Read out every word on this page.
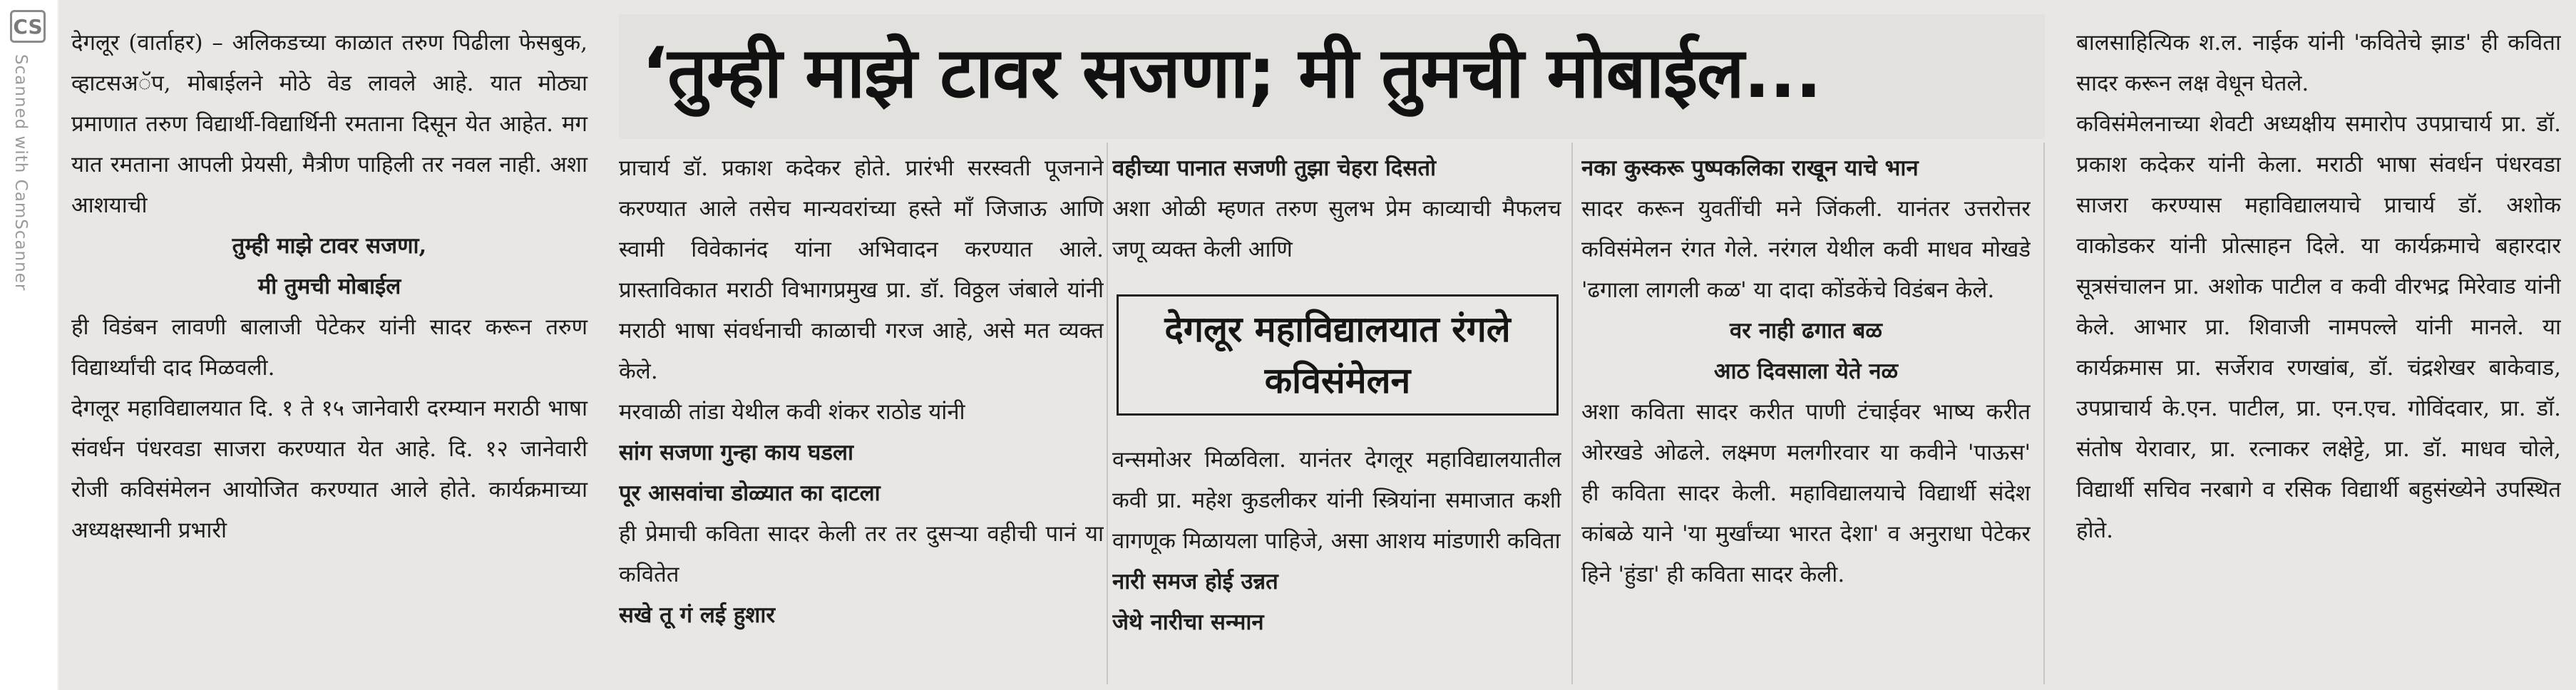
CS
Scanned with CamScanner	‘तुम्ही माझे टावर सजणा; मी तुमची मोबाईल...

देगलूर (वार्ताहर) – अलिकडच्या काळात तरुण पिढीला फेसबुक, व्हाटसअॅप, मोबाईलने मोठे वेड लावले आहे. यात मोठ्या प्रमाणात तरुण विद्यार्थी-विद्यार्थिनी रमताना दिसून येत आहेत. मग यात रमताना आपली प्रेयसी, मैत्रीण पाहिली तर नवल नाही. अशा आशयाची

तुम्ही माझे टावर सजणा,

मी तुमची मोबाईल

ही विडंबन लावणी बालाजी पेटेकर यांनी सादर करून तरुण विद्यार्थ्यांची दाद मिळवली.

देगलूर महाविद्यालयात दि. १ ते १५ जानेवारी दरम्यान मराठी भाषा संवर्धन पंधरवडा साजरा करण्यात येत आहे. दि. १२ जानेवारी रोजी कविसंमेलन आयोजित करण्यात आले होते. कार्यक्रमाच्या अध्यक्षस्थानी प्रभारी

प्राचार्य डॉ. प्रकाश कदेकर होते. प्रारंभी सरस्वती पूजनाने करण्यात आले तसेच मान्यवरांच्या हस्ते माँ जिजाऊ आणि स्वामी विवेकानंद यांना अभिवादन करण्यात आले. प्रास्ताविकात मराठी विभागप्रमुख प्रा. डॉ. विठ्ठल जंबाले यांनी मराठी भाषा संवर्धनाची काळाची गरज आहे, असे मत व्यक्त केले.

मरवाळी तांडा येथील कवी शंकर राठोड यांनी

सांग सजणा गुन्हा काय घडला

पूर आसवांचा डोळ्यात का दाटला

ही प्रेमाची कविता सादर केली तर तर दुसऱ्या वहीची पानं या कवितेत

सखे तू गं लई हुशार

वहीच्या पानात सजणी तुझा चेहरा दिसतो

अशा ओळी म्हणत तरुण सुलभ प्रेम काव्याची मैफलच जणू व्यक्त केली आणि

देगलूर महाविद्यालयात रंगले कविसंमेलन

वन्समोअर मिळविला. यानंतर देगलूर महाविद्यालयातील कवी प्रा. महेश कुडलीकर यांनी स्त्रियांना समाजात कशी वागणूक मिळायला पाहिजे, असा आशय मांडणारी कविता

नारी समज होई उन्नत

जेथे नारीचा सन्मान

नका कुस्करू पुष्पकलिका राखून याचे भान

सादर करून युवतींची मने जिंकली. यानंतर उत्तरोत्तर कविसंमेलन रंगत गेले. नरंगल येथील कवी माधव मोखडे 'ढगाला लागली कळ' या दादा कोंडकेंचे विडंबन केले.

वर नाही ढगात बळ

आठ दिवसाला येते नळ

अशा कविता सादर करीत पाणी टंचाईवर भाष्य करीत ओरखडे ओढले. लक्ष्मण मलगीरवार या कवीने 'पाऊस' ही कविता सादर केली. महाविद्यालयाचे विद्यार्थी संदेश कांबळे याने 'या मुर्खांच्या भारत देशा' व अनुराधा पेटेकर हिने 'हुंडा' ही कविता सादर केली.

बालसाहित्यिक श.ल. नाईक यांनी 'कवितेचे झाड' ही कविता सादर करून लक्ष वेधून घेतले.

कविसंमेलनाच्या शेवटी अध्यक्षीय समारोप उपप्राचार्य प्रा. डॉ. प्रकाश कदेकर यांनी केला. मराठी भाषा संवर्धन पंधरवडा साजरा करण्यास महाविद्यालयाचे प्राचार्य डॉ. अशोक वाकोडकर यांनी प्रोत्साहन दिले. या कार्यक्रमाचे बहारदार सूत्रसंचालन प्रा. अशोक पाटील व कवी वीरभद्र मिरेवाड यांनी केले. आभार प्रा. शिवाजी नामपल्ले यांनी मानले. या कार्यक्रमास प्रा. सर्जेराव रणखांब, डॉ. चंद्रशेखर बाकेवाड, उपप्राचार्य के.एन. पाटील, प्रा. एन.एच. गोविंदवार, प्रा. डॉ. संतोष येरावार, प्रा. रत्नाकर लक्षेट्टे, प्रा. डॉ. माधव चोले, विद्यार्थी सचिव नरबागे व रसिक विद्यार्थी बहुसंख्येने उपस्थित होते.
